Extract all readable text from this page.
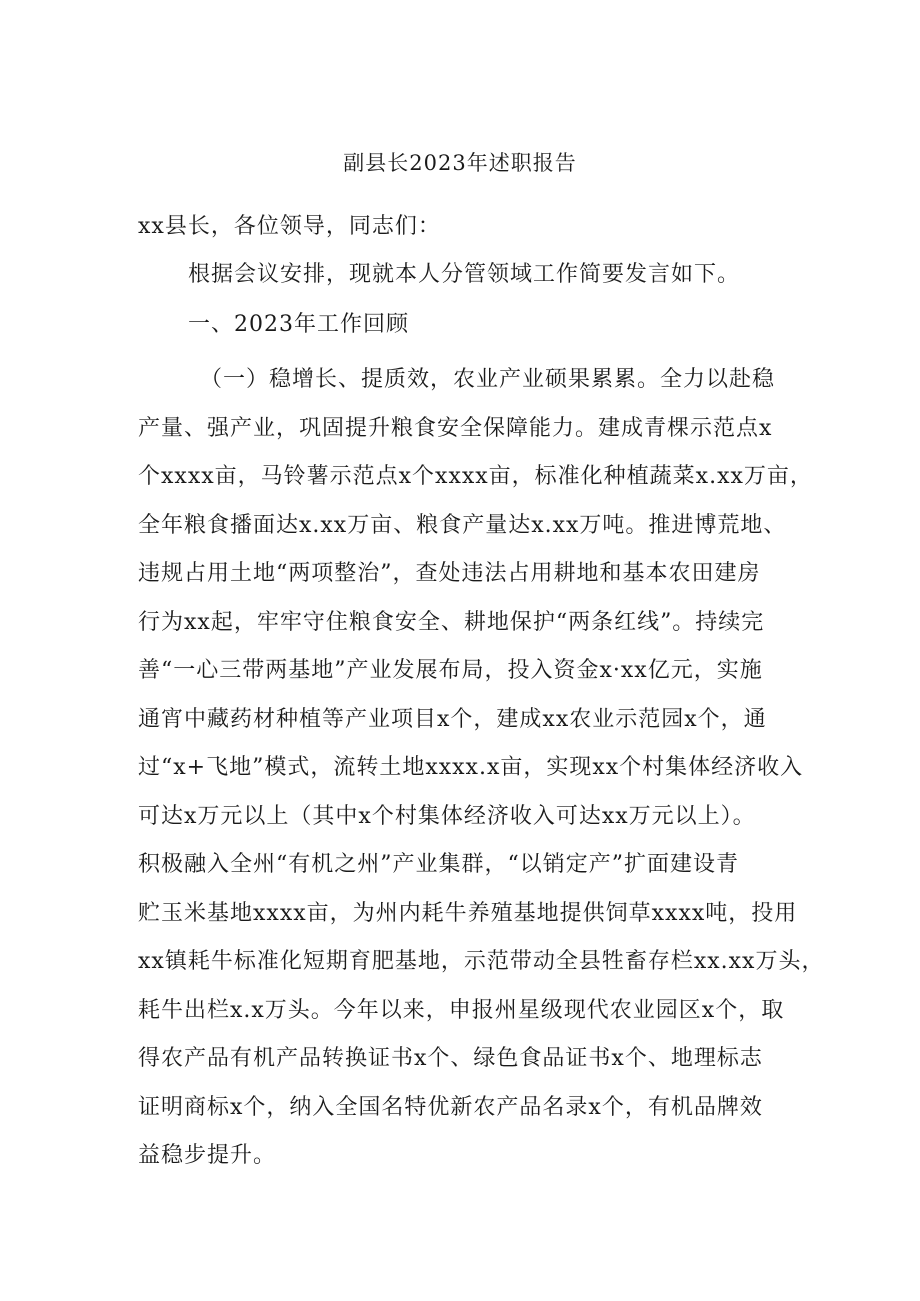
副县长2023年述职报告
xx县长，各位领导，同志们：
根据会议安排，现就本人分管领域工作简要发言如下。
一、2023年工作回顾
（一）稳增长、提质效，农业产业硕果累累。全力以赴稳
产量、强产业，巩固提升粮食安全保障能力。建成青棵示范点x
个xxxx亩，马铃薯示范点x个xxxx亩，标准化种植蔬菜x.xx万亩，
全年粮食播面达x.xx万亩、粮食产量达x.xx万吨。推进博荒地、
违规占用土地“两项整治”，查处违法占用耕地和基本农田建房
行为xx起，牢牢守住粮食安全、耕地保护“两条红线”。持续完
善“一心三带两基地”产业发展布局，投入资金x·xx亿元，实施
通宵中藏药材种植等产业项目x个，建成xx农业示范园x个，通
过“x+飞地”模式，流转土地xxxx.x亩，实现xx个村集体经济收入
可达x万元以上（其中x个村集体经济收入可达xx万元以上）。
积极融入全州“有机之州”产业集群，“以销定产”扩面建设青
贮玉米基地xxxx亩，为州内耗牛养殖基地提供饲草xxxx吨，投用
xx镇耗牛标准化短期育肥基地，示范带动全县牲畜存栏xx.xx万头，
耗牛出栏x.x万头。今年以来，申报州星级现代农业园区x个，取
得农产品有机产品转换证书x个、绿色食品证书x个、地理标志
证明商标x个，纳入全国名特优新农产品名录x个，有机品牌效
益稳步提升。
